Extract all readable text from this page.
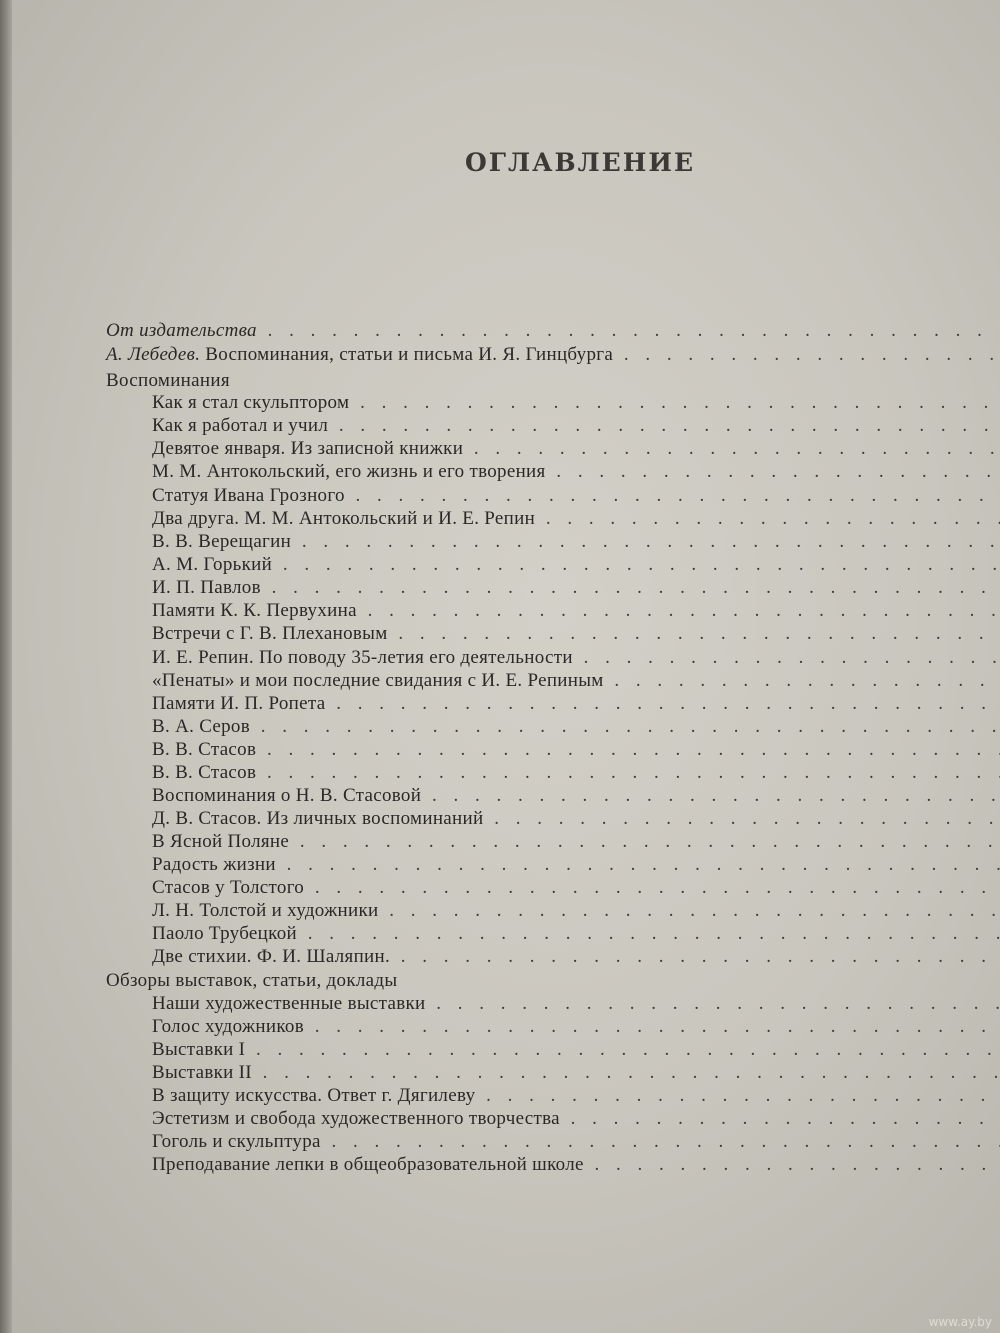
ОГЛАВЛЕНИЕ
От издательства . . .
А. Лебедев. Воспоминания, статьи и письма И. Я. Гинцбурга . . .
Воспоминания
Как я стал скульптором . . .
Как я работал и учил . . .
Девятое января. Из записной книжки . . .
М. М. Антокольский, его жизнь и его творения . . .
Статуя Ивана Грозного . . .
Два друга. М. М. Антокольский и И. Е. Репин . . .
В. В. Верещагин . . .
А. М. Горький . . .
И. П. Павлов . . .
Памяти К. К. Первухина . . .
Встречи с Г. В. Плехановым . . .
И. Е. Репин. По поводу 35-летия его деятельности . . .
«Пенаты» и мои последние свидания с И. Е. Репиным . . .
Памяти И. П. Ропета . . .
В. А. Серов . . .
В. В. Стасов . . .
В. В. Стасов . . .
Воспоминания о Н. В. Стасовой . . .
Д. В. Стасов. Из личных воспоминаний . . .
В Ясной Поляне . . .
Радость жизни . . .
Стасов у Толстого . . .
Л. Н. Толстой и художники . . .
Паоло Трубецкой . . .
Две стихии. Ф. И. Шаляпин. . . .
Обзоры выставок, статьи, доклады
Наши художественные выставки . . .
Голос художников . . .
Выставки I . . .
Выставки II . . .
В защиту искусства. Ответ г. Дягилеву . . .
Эстетизм и свобода художественного творчества . . .
Гоголь и скульптура . . .
Преподавание лепки в общеобразовательной школе . . .
www.ay.by
